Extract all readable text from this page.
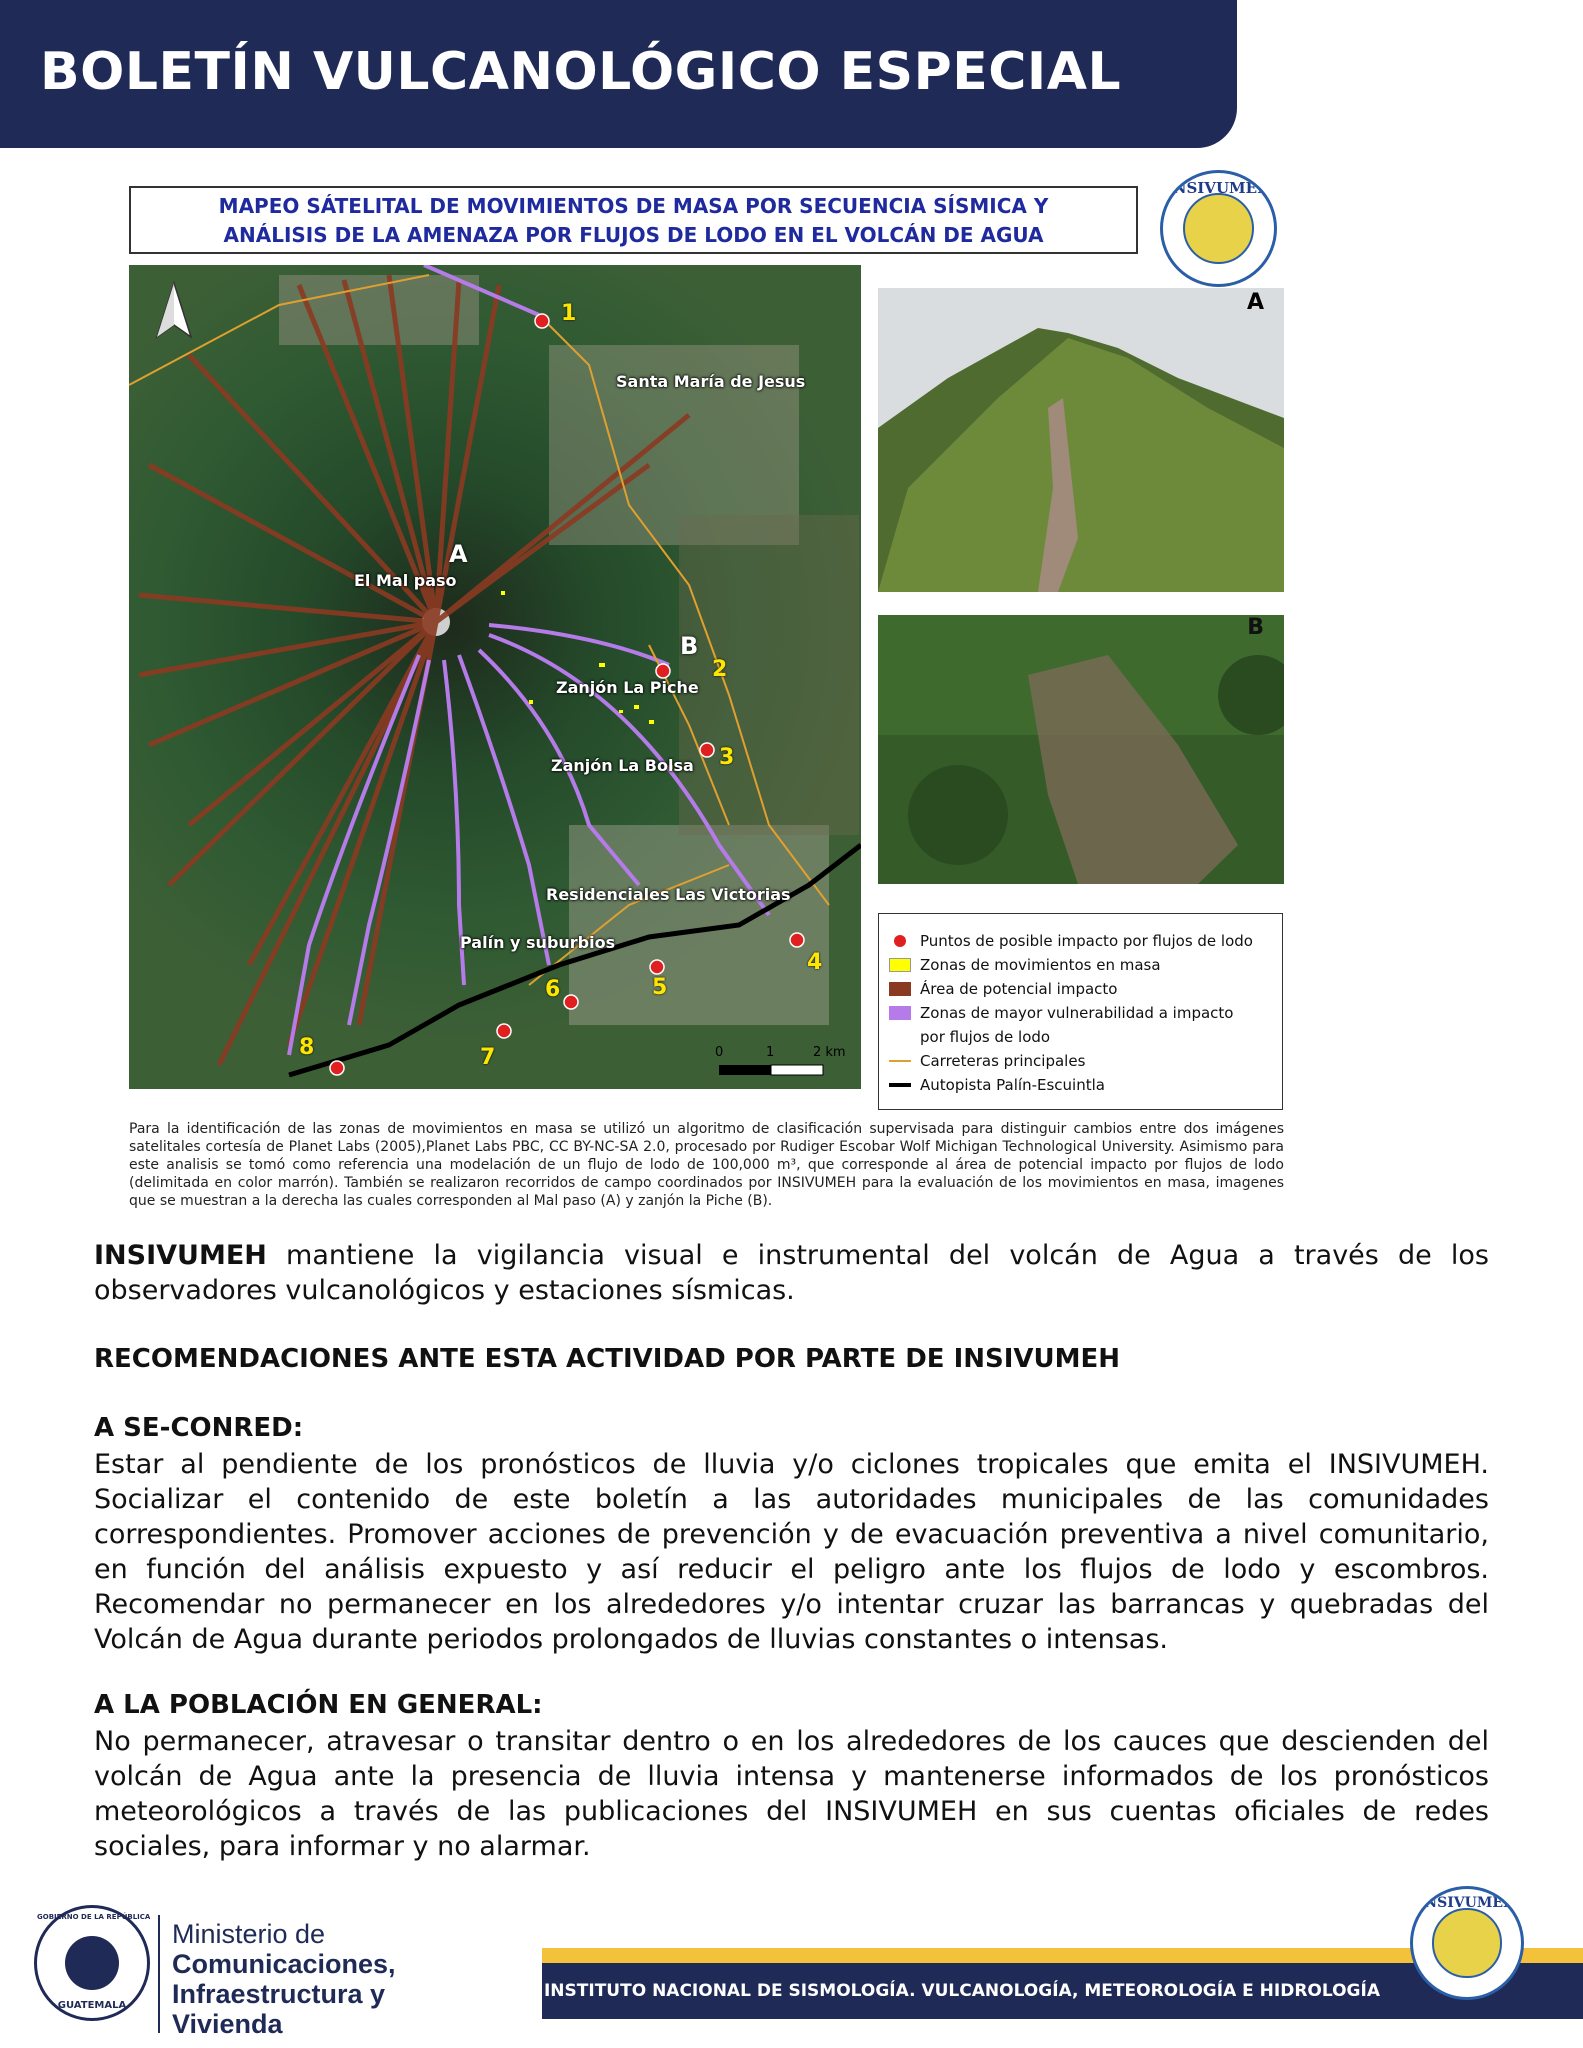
BOLETÍN VULCANOLÓGICO ESPECIAL
MAPEO SÁTELITAL DE MOVIMIENTOS DE MASA POR SECUENCIA SÍSMICA Y
ANÁLISIS DE LA AMENAZA POR FLUJOS DE LODO EN EL VOLCÁN DE AGUA
INSIVUMEH
Santa María de Jesus
El Mal paso
Zanjón La Piche
Zanjón La Bolsa
Residenciales Las Victorias
Palín y suburbios
A
B
1
2
3
4
5
6
7
8	0	1	2 km
A
B
Puntos de posible impacto por flujos de lodo
Zonas de movimientos en masa
Área de potencial impacto
Zonas de mayor vulnerabilidad a impacto
por flujos de lodo
Carreteras principales
Autopista Palín-Escuintla
Para la identificación de las zonas de movimientos en masa se utilizó un algoritmo de clasificación supervisada para distinguir cambios entre dos imágenes satelitales cortesía de Planet Labs (2005),Planet Labs PBC, CC BY-NC-SA 2.0, procesado por Rudiger Escobar Wolf Michigan Technological University. Asimismo para este analisis se tomó como referencia una modelación de un flujo de lodo de 100,000 m³, que corresponde al área de potencial impacto por flujos de lodo (delimitada en color marrón). También se realizaron recorridos de campo coordinados por INSIVUMEH para la evaluación de los movimientos en masa, imagenes que se muestran a la derecha las cuales corresponden al Mal paso (A) y zanjón la Piche (B).
INSIVUMEH mantiene la vigilancia visual e instrumental del volcán de Agua a través de los observadores vulcanológicos y estaciones sísmicas.
RECOMENDACIONES ANTE ESTA ACTIVIDAD POR PARTE DE INSIVUMEH
A SE-CONRED:
Estar al pendiente de los pronósticos de lluvia y/o ciclones tropicales que emita el INSIVUMEH. Socializar el contenido de este boletín a las autoridades municipales de las comunidades correspondientes. Promover acciones de prevención y de evacuación preventiva a nivel comunitario, en función del análisis expuesto y así reducir el peligro ante los flujos de lodo y escombros. Recomendar no permanecer en los alrededores y/o intentar cruzar las barrancas y quebradas del Volcán de Agua durante periodos prolongados de lluvias constantes o intensas.
A LA POBLACIÓN EN GENERAL:
No permanecer, atravesar o transitar dentro o en los alrededores de los cauces que descienden del volcán de Agua ante la presencia de lluvia intensa y mantenerse informados de los pronósticos meteorológicos a través de las publicaciones del INSIVUMEH en sus cuentas oficiales de redes sociales, para informar y no alarmar.
INSTITUTO NACIONAL DE SISMOLOGÍA. VULCANOLOGÍA, METEOROLOGÍA E HIDROLOGÍA
GOBIERNO DE LA REPÚBLICA
GUATEMALA
Ministerio de
Comunicaciones,
Infraestructura y
Vivienda
INSIVUMEH
